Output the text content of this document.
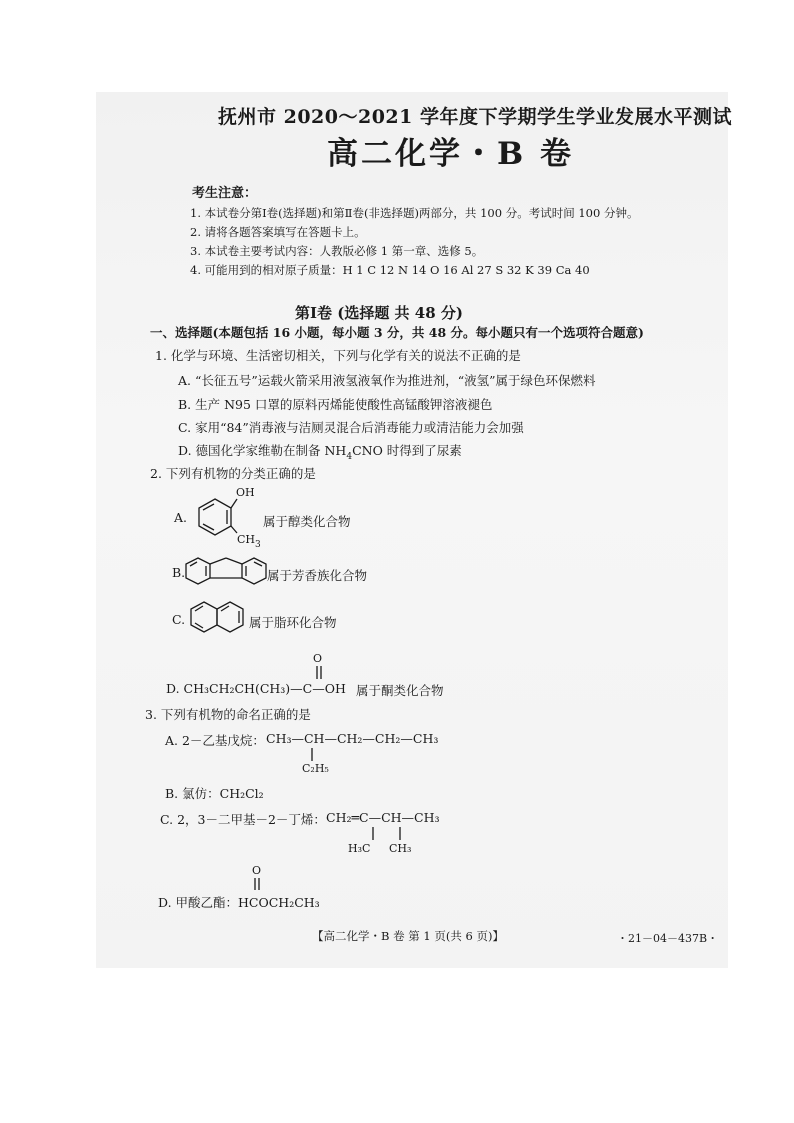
抚州市 2020～2021 学年度下学期学生学业发展水平测试
高二化学・B 卷
考生注意：
1. 本试卷分第Ⅰ卷(选择题)和第Ⅱ卷(非选择题)两部分，共 100 分。考试时间 100 分钟。
2. 请将各题答案填写在答题卡上。
3. 本试卷主要考试内容：人教版必修 1 第一章、选修 5。
4. 可能用到的相对原子质量：H 1 C 12 N 14 O 16 Al 27 S 32 K 39 Ca 40
第Ⅰ卷 (选择题 共 48 分)
一、选择题(本题包括 16 小题，每小题 3 分，共 48 分。每小题只有一个选项符合题意)
1. 化学与环境、生活密切相关，下列与化学有关的说法不正确的是
A. “长征五号”运载火箭采用液氢液氧作为推进剂，“液氢”属于绿色环保燃料
B. 生产 N95 口罩的原料丙烯能使酸性高锰酸钾溶液褪色
C. 家用“84”消毒液与洁厕灵混合后消毒能力或清洁能力会加强
D. 德国化学家维勒在制备 $NH_4CNO$ 时得到了尿素
2. 下列有机物的分类正确的是
A.
OH
$CH_3$
属于醇类化合物
B.	属于芳香族化合物
C.	属于脂环化合物
O
D. CH₃CH₂CH(CH₃)—C—OH 属于酮类化合物
3. 下列有机物的命名正确的是
A. 2－乙基戊烷： CH₃—CH—CH₂—CH₂—CH₃
C₂H₅
B. 氯仿：CH₂Cl₂
C. 2，3－二甲基－2－丁烯： CH₂═C—CH—CH₃
H₃C CH₃
O
D. 甲酸乙酯：HCOCH₂CH₃
【高二化学・B 卷 第 1 页(共 6 页)】	・21－04－437B・
